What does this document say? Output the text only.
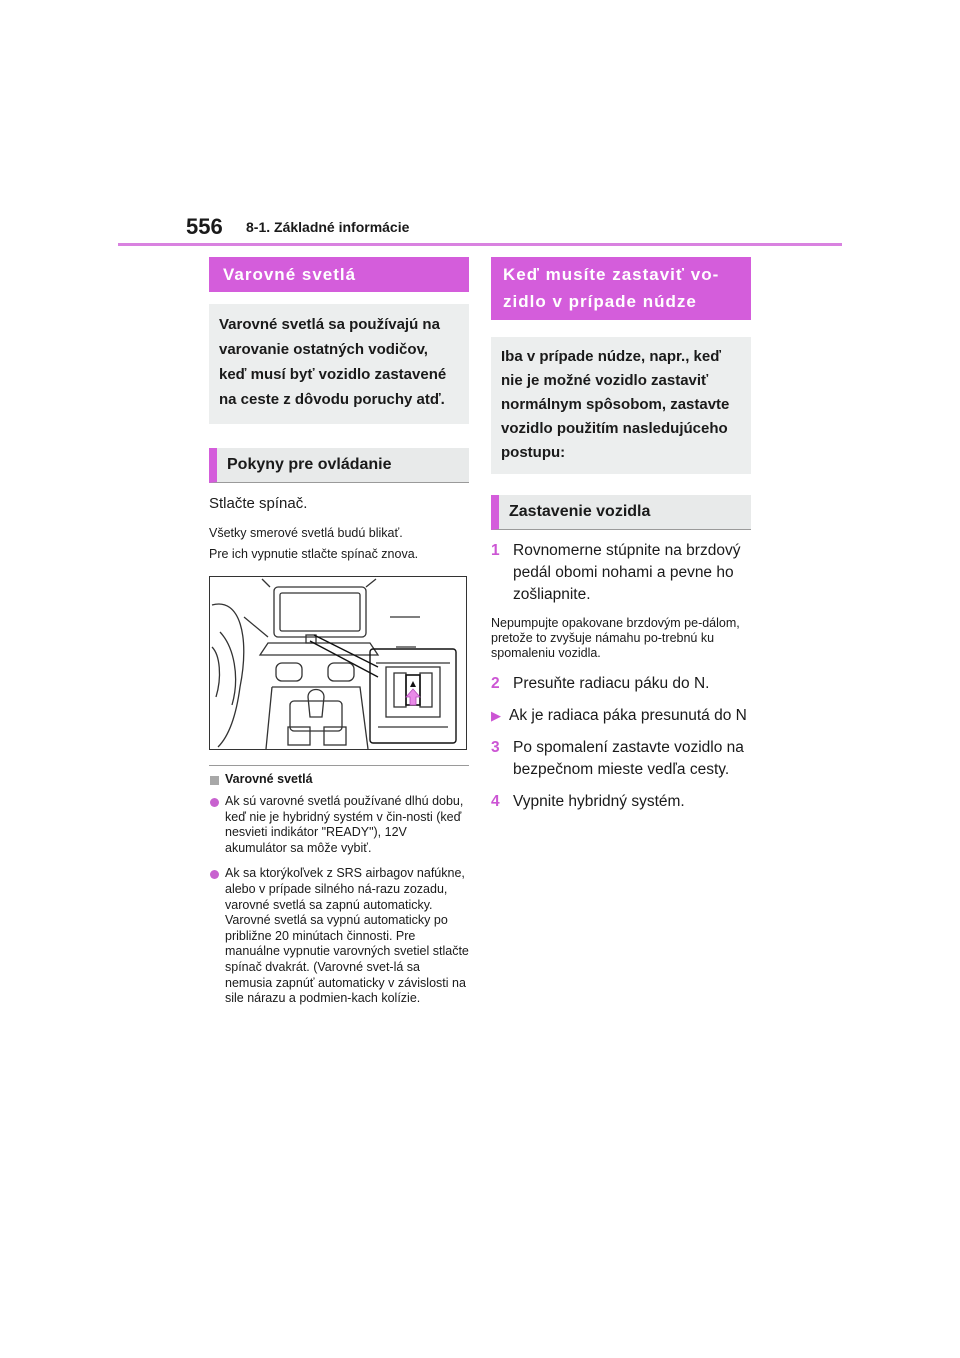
556 8-1. Základné informácie
Varovné svetlá
Varovné svetlá sa používajú na varovanie ostatných vodičov, keď musí byť vozidlo zastavené na ceste z dôvodu poruchy atď.
Pokyny pre ovládanie
Stlačte spínač.
Všetky smerové svetlá budú blikať.
Pre ich vypnutie stlačte spínač znova.
Varovné svetlá
Ak sú varovné svetlá používané dlhú dobu, keď nie je hybridný systém v čin-nosti (keď nesvieti indikátor "READY"), 12V akumulátor sa môže vybiť.
Ak sa ktorýkoľvek z SRS airbagov nafúkne, alebo v prípade silného ná-razu zozadu, varovné svetlá sa zapnú automaticky.
Varovné svetlá sa vypnú automaticky po približne 20 minútach činnosti. Pre manuálne vypnutie varovných svetiel stlačte spínač dvakrát. (Varovné svet-lá sa nemusia zapnúť automaticky v závislosti na sile nárazu a podmien-kach kolízie.
Keď musíte zastaviť vo-zidlo v prípade núdze
Iba v prípade núdze, napr., keď nie je možné vozidlo zastaviť normálnym spôsobom, zastavte vozidlo použitím nasledujúceho postupu:
Zastavenie vozidla
1 Rovnomerne stúpnite na brzdový pedál obomi nohami a pevne ho zošliapnite.
Nepumpujte opakovane brzdovým pe-dálom, pretože to zvyšuje námahu po-trebnú ku spomaleniu vozidla.
2 Presuňte radiacu páku do N.
▶ Ak je radiaca páka presunutá do N
3 Po spomalení zastavte vozidlo na bezpečnom mieste vedľa cesty.
4 Vypnite hybridný systém.
